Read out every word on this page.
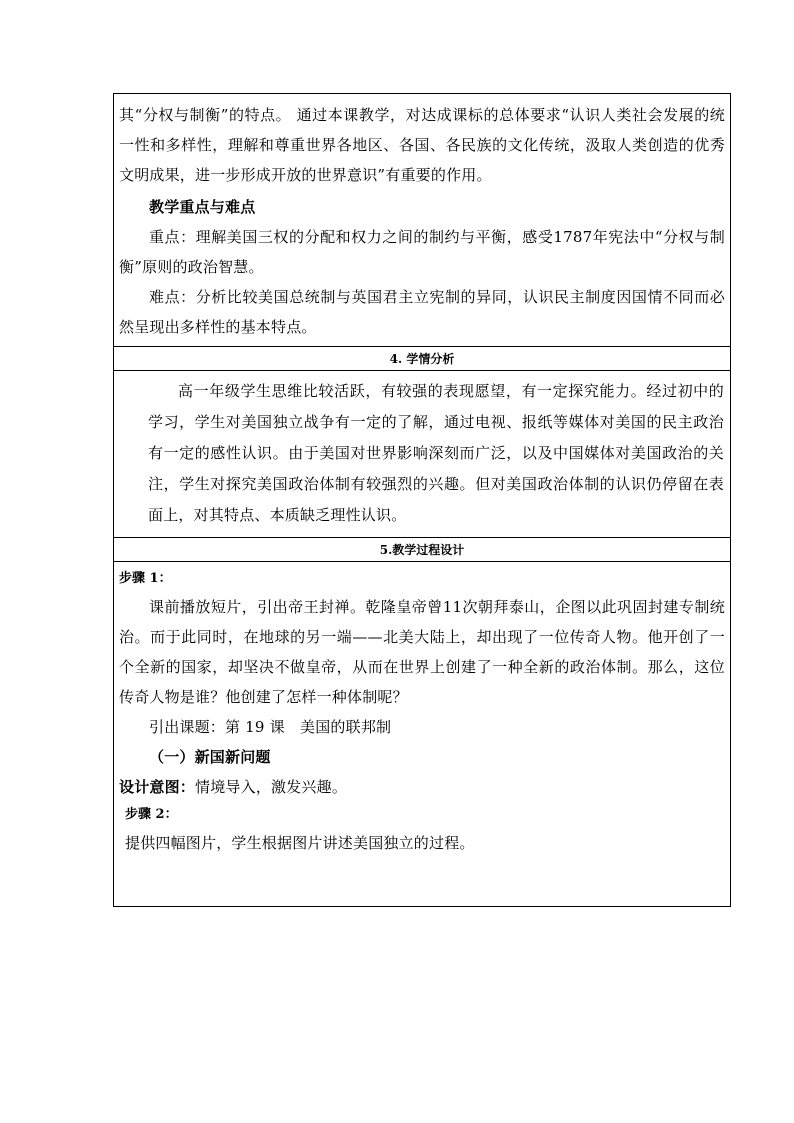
其“分权与制衡”的特点。 通过本课教学，对达成课标的总体要求“认识人类社会发展的统一性和多样性，理解和尊重世界各地区、各国、各民族的文化传统，汲取人类创造的优秀文明成果，进一步形成开放的世界意识”有重要的作用。

教学重点与难点

重点：理解美国三权的分配和权力之间的制约与平衡，感受1787年宪法中“分权与制衡”原则的政治智慧。

难点：分析比较美国总统制与英国君主立宪制的异同，认识民主制度因国情不同而必然呈现出多样性的基本特点。

4. 学情分析

高一年级学生思维比较活跃，有较强的表现愿望，有一定探究能力。经过初中的学习，学生对美国独立战争有一定的了解，通过电视、报纸等媒体对美国的民主政治有一定的感性认识。由于美国对世界影响深刻而广泛，以及中国媒体对美国政治的关注，学生对探究美国政治体制有较强烈的兴趣。但对美国政治体制的认识仍停留在表面上，对其特点、本质缺乏理性认识。

5.教学过程设计
步骤 1：

课前播放短片，引出帝王封禅。乾隆皇帝曾11次朝拜泰山，企图以此巩固封建专制统治。而于此同时，在地球的另一端——北美大陆上，却出现了一位传奇人物。他开创了一个全新的国家，却坚决不做皇帝，从而在世界上创建了一种全新的政治体制。那么，这位传奇人物是谁？他创建了怎样一种体制呢？

引出课题：第 19 课　美国的联邦制

（一）新国新问题

设计意图：情境导入，激发兴趣。

步骤 2：

提供四幅图片，学生根据图片讲述美国独立的过程。
